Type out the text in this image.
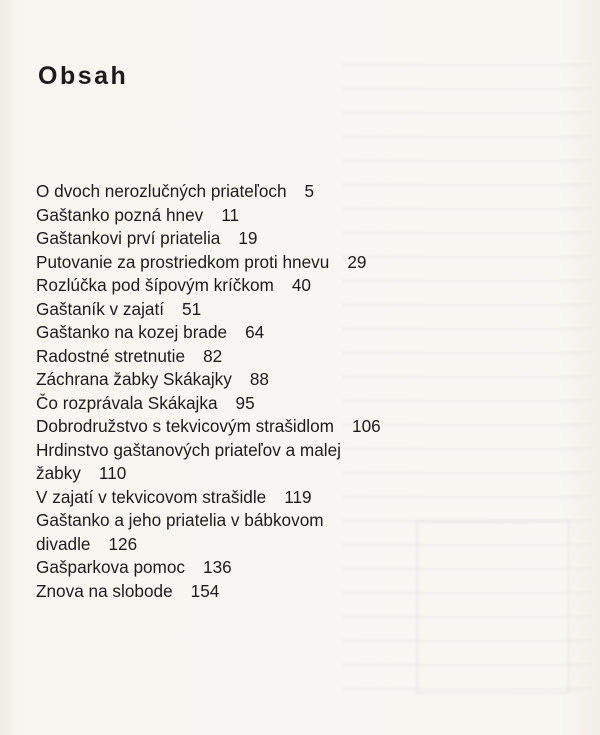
Obsah
O dvoch nerozlučných priateľoch 5
Gaštanko pozná hnev 11
Gaštankovi prví priatelia 19
Putovanie za prostriedkom proti hnevu 29
Rozlúčka pod šípovým kríčkom 40
Gaštaník v zajatí 51
Gaštanko na kozej brade 64
Radostné stretnutie 82
Záchrana žabky Skákajky 88
Čo rozprávala Skákajka 95
Dobrodružstvo s tekvicovým strašidlom 106
Hrdinstvo gaštanových priateľov a malej
žabky 110
V zajatí v tekvicovom strašidle 119
Gaštanko a jeho priatelia v bábkovom
divadle 126
Gašparkova pomoc 136
Znova na slobode 154
